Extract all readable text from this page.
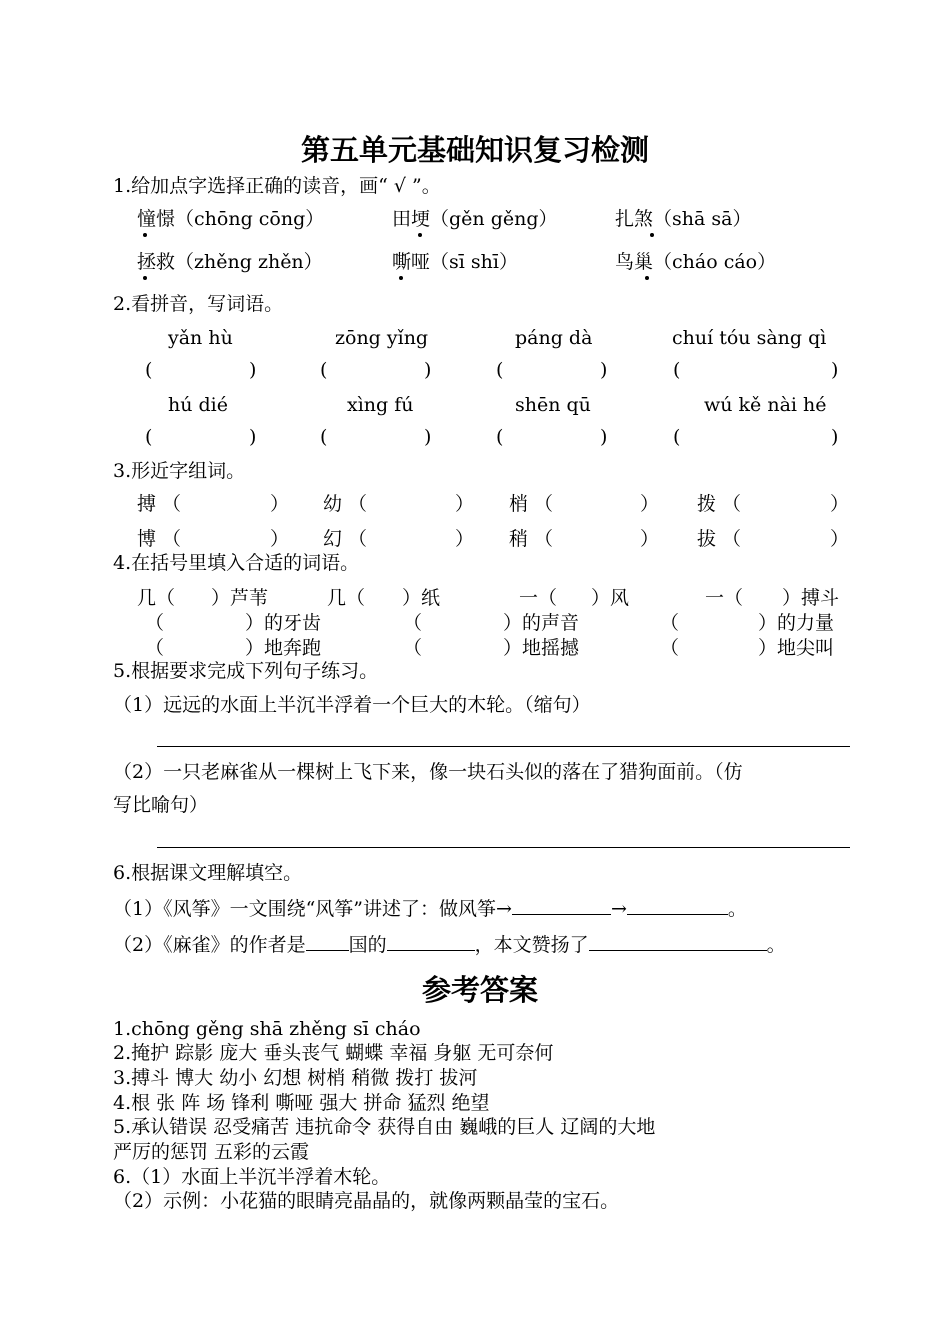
第五单元基础知识复习检测
1.给加点字选择正确的读音，画“ √ ”。
憧憬（chōng cōng）	田埂（gěn gěng）	扎煞（shā sā）
拯救（zhěng zhěn）	嘶哑（sī shī）	鸟巢（cháo cáo）
2.看拼音，写词语。
yǎn hù	zōng yǐng	páng dà	chuí tóu sàng qì
(	)	(	)	(	)	(	)
hú dié	xìng fú	shēn qū	wú kě nài hé
(	)	(	)	(	)	(	)
3.形近字组词。
搏 （	） 幼 （	） 梢 （	） 拨 （	）
博 （	） 幻 （	） 稍 （	） 拔 （	）
4.在括号里填入合适的词语。
几（ ）芦苇	几（ ）纸	一（ ）风	一（ ）搏斗
（	）的牙齿	（	）的声音	（	）的力量
（	）地奔跑	（	）地摇撼	（	）地尖叫
5.根据要求完成下列句子练习。
（1）远远的水面上半沉半浮着一个巨大的木轮。（缩句）
（2）一只老麻雀从一棵树上飞下来，像一块石头似的落在了猎狗面前。（仿
写比喻句）
6.根据课文理解填空。
（1）《风筝》一文围绕“风筝”讲述了：做风筝→	→	。
（2）《麻雀》的作者是 国的	，本文赞扬了	。
参考答案
1.chōng gěng shā zhěng sī cháo
2.掩护 踪影 庞大 垂头丧气 蝴蝶 幸福 身躯 无可奈何
3.搏斗 博大 幼小 幻想 树梢 稍微 拨打 拔河
4.根 张 阵 场 锋利 嘶哑 强大 拼命 猛烈 绝望
5.承认错误 忍受痛苦 违抗命令 获得自由 巍峨的巨人 辽阔的大地
严厉的惩罚 五彩的云霞
6.（1）水面上半沉半浮着木轮。
（2）示例：小花猫的眼睛亮晶晶的，就像两颗晶莹的宝石。
